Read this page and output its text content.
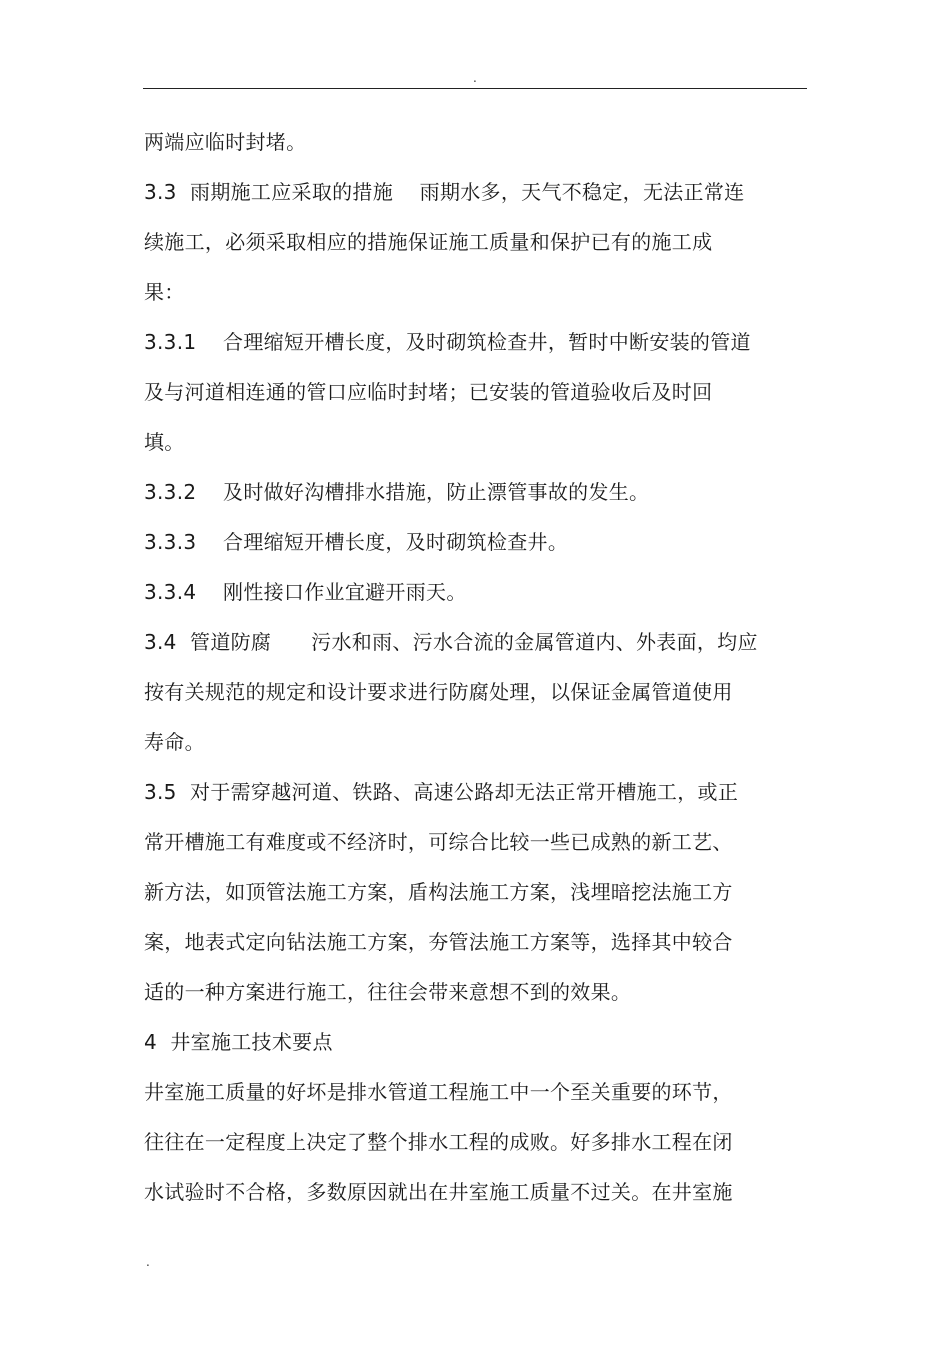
.
两端应临时封堵。
3.3  雨期施工应采取的措施    雨期水多，天气不稳定，无法正常连
续施工，必须采取相应的措施保证施工质量和保护已有的施工成
果：
3.3.1    合理缩短开槽长度，及时砌筑检查井，暂时中断安装的管道
及与河道相连通的管口应临时封堵；已安装的管道验收后及时回
填。
3.3.2    及时做好沟槽排水措施，防止漂管事故的发生。
3.3.3    合理缩短开槽长度，及时砌筑检查井。
3.3.4    刚性接口作业宜避开雨天。
3.4  管道防腐      污水和雨、污水合流的金属管道内、外表面，均应
按有关规范的规定和设计要求进行防腐处理，以保证金属管道使用
寿命。
3.5  对于需穿越河道、铁路、高速公路却无法正常开槽施工，或正
常开槽施工有难度或不经济时，可综合比较一些已成熟的新工艺、
新方法，如顶管法施工方案，盾构法施工方案，浅埋暗挖法施工方
案，地表式定向钻法施工方案，夯管法施工方案等，选择其中较合
适的一种方案进行施工，往往会带来意想不到的效果。
4  井室施工技术要点
井室施工质量的好坏是排水管道工程施工中一个至关重要的环节，
往往在一定程度上决定了整个排水工程的成败。好多排水工程在闭
水试验时不合格，多数原因就出在井室施工质量不过关。在井室施
.
